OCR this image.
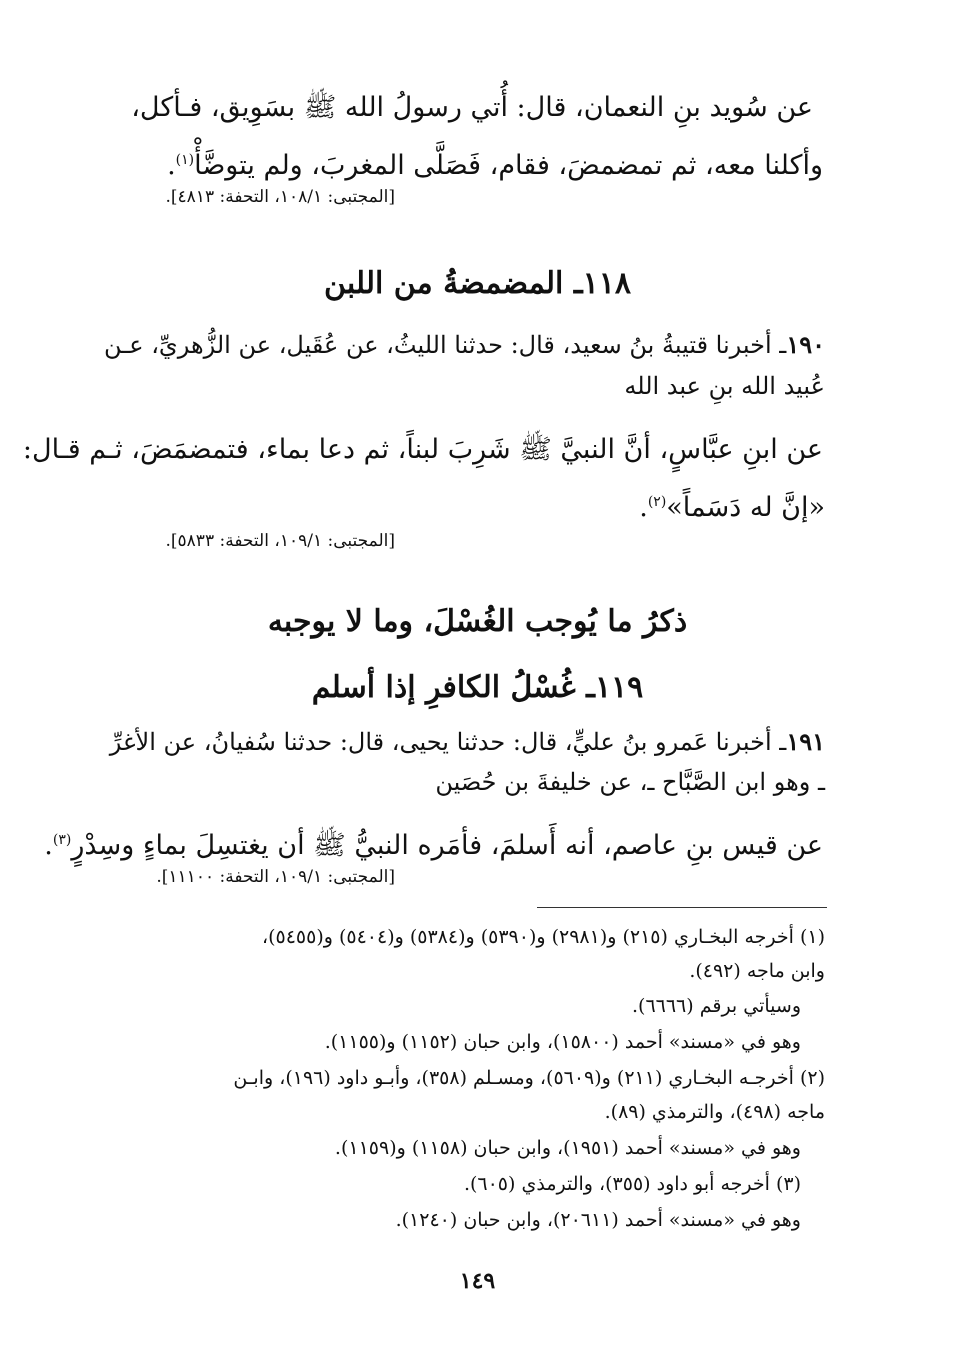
عن سُويد بنِ النعمان، قال: أُتي رسولُ الله ﷺ بسَوِيق، فـأكل،
وأكلنا معه، ثم تمضمضَ، فقام، فَصَلَّى المغربَ، ولم يتوضَّأْ$^{(١)}$.
[المجتبى: ١٠٨/١، التحفة: ٤٨١٣].
١١٨ـ المضمضةُ من اللبن
١٩٠ـ أخبرنا قتيبةُ بنُ سعيد، قال: حدثنا الليثُ، عن عُقَيل، عن الزُّهريِّ، عـن
عُبيد الله بنِ عبد الله
عن ابنِ عبَّاسٍ، أنَّ النبيَّ ﷺ شَرِبَ لبناً، ثم دعا بماء، فتمضمَضَ، ثـم قـال:
«إنَّ له دَسَماً»$^{(٢)}$.
[المجتبى: ١٠٩/١، التحفة: ٥٨٣٣].
ذكرُ ما يُوجب الغُسْلَ، وما لا يوجبه
١١٩ـ غُسْلُ الكافرِ إذا أسلم
١٩١ـ أخبرنا عَمرو بنُ عليٍّ، قال: حدثنا يحيى، قال: حدثنا سُفيانُ، عن الأغرِّ
ـ وهو ابن الصَّبَّاح ـ، عن خليفةَ بن حُصَين
عن قيس بنِ عاصم، أنه أَسلمَ، فأمَره النبيُّ ﷺ أن يغتسِلَ بماءٍ وسِدْرٍ$^{(٣)}$.
[المجتبى: ١٠٩/١، التحفة: ١١١٠٠].
(١) أخرجه البخـاري (٢١٥) و(٢٩٨١) و(٥٣٩٠) و(٥٣٨٤) و(٥٤٠٤) و(٥٤٥٥)،
وابن ماجه (٤٩٢).
وسيأتي برقم (٦٦٦٦).
وهو في «مسند» أحمد (١٥٨٠٠)، وابن حبان (١١٥٢) و(١١٥٥).
(٢) أخرجـه البخـاري (٢١١) و(٥٦٠٩)، ومسـلم (٣٥٨)، وأبـو داود (١٩٦)، وابـن
ماجه (٤٩٨)، والترمذي (٨٩).
وهو في «مسند» أحمد (١٩٥١)، وابن حبان (١١٥٨) و(١١٥٩).
(٣) أخرجه أبو داود (٣٥٥)، والترمذي (٦٠٥).
وهو في «مسند» أحمد (٢٠٦١١)، وابن حبان (١٢٤٠).
١٤٩
